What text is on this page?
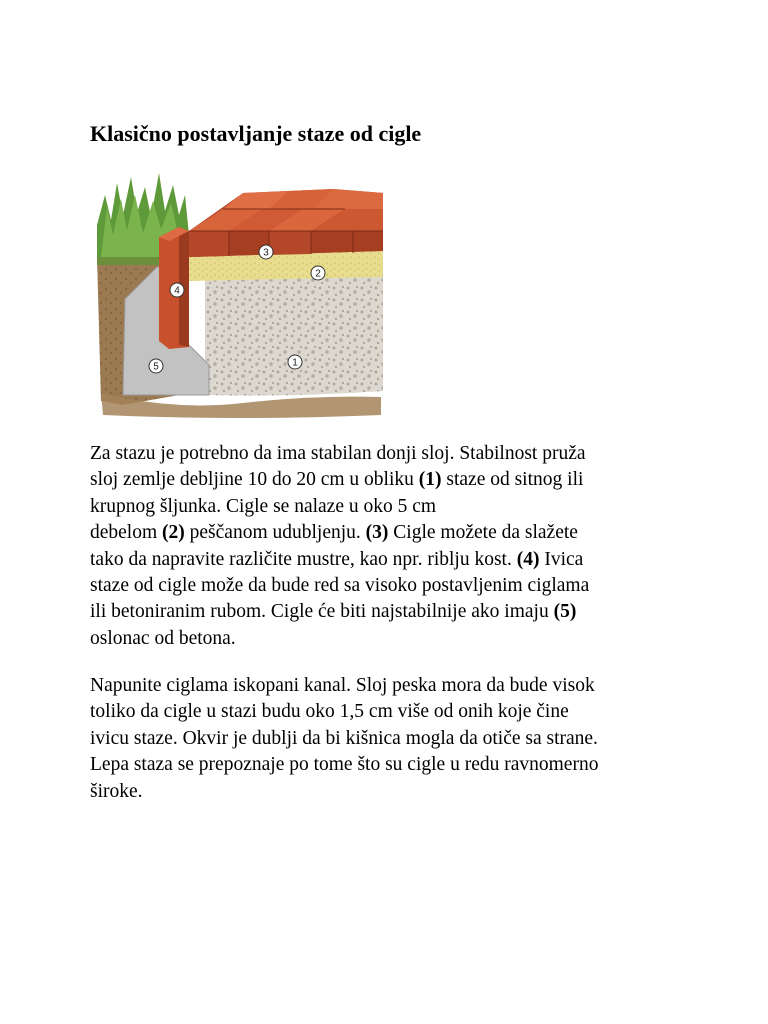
Klasično postavljanje staze od cigle
3
2
4
5	1

Za stazu je potrebno da ima stabilan donji sloj. Stabilnost pruža
sloj zemlje debljine 10 do 20 cm u obliku (1) staze od sitnog ili
krupnog šljunka. Cigle se nalaze u oko 5 cm
debelom (2) peščanom udubljenju. (3) Cigle možete da slažete
tako da napravite različite mustre, kao npr. riblju kost. (4) Ivica
staze od cigle može da bude red sa visoko postavljenim ciglama
ili betoniranim rubom. Cigle će biti najstabilnije ako imaju (5)
oslonac od betona.

Napunite ciglama iskopani kanal. Sloj peska mora da bude visok
toliko da cigle u stazi budu oko 1,5 cm više od onih koje čine
ivicu staze. Okvir je dublji da bi kišnica mogla da otiče sa strane.
Lepa staza se prepoznaje po tome što su cigle u redu ravnomerno
široke.
